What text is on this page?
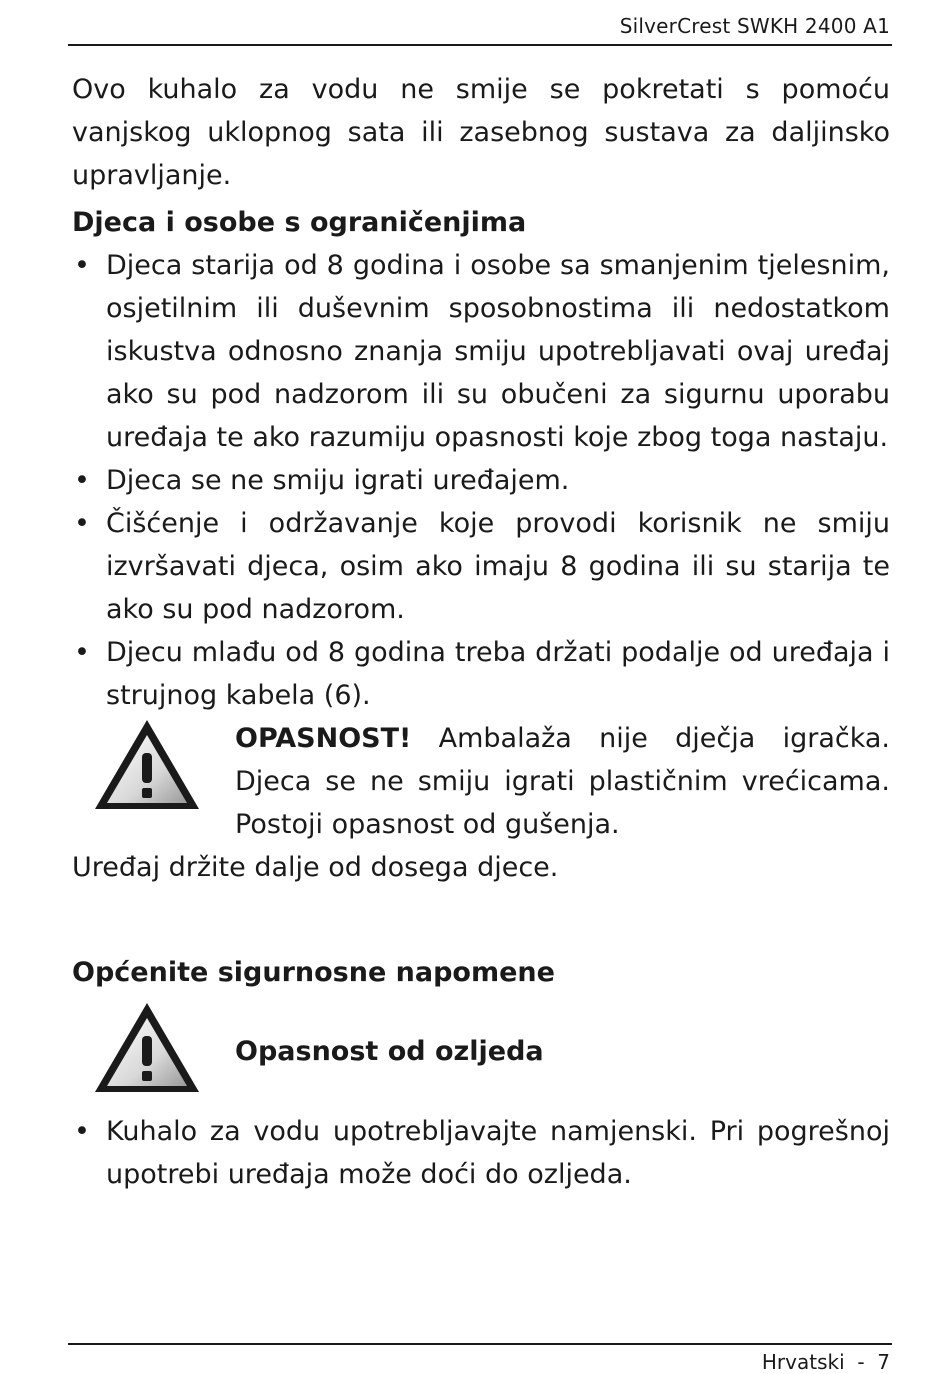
SilverCrest SWKH 2400 A1

Ovo kuhalo za vodu ne smije se pokretati s pomoću vanjskog uklopnog sata ili zasebnog sustava za daljinsko upravljanje.

Djeca i osobe s ograničenjima
• Djeca starija od 8 godina i osobe sa smanjenim tjelesnim, osjetilnim ili duševnim sposobnostima ili nedostatkom iskustva odnosno znanja smiju upotrebljavati ovaj uređaj ako su pod nadzorom ili su obučeni za sigurnu uporabu uređaja te ako razumiju opasnosti koje zbog toga nastaju.
• Djeca se ne smiju igrati uređajem.
• Čišćenje i održavanje koje provodi korisnik ne smiju izvršavati djeca, osim ako imaju 8 godina ili su starija te ako su pod nadzorom.
• Djecu mlađu od 8 godina treba držati podalje od uređaja i strujnog kabela (6).
OPASNOST! Ambalaža nije dječja igračka. Djeca se ne smiju igrati plastičnim vrećicama. Postoji opasnost od gušenja.

Uređaj držite dalje od dosega djece.

Općenite sigurnosne napomene
Opasnost od ozljeda
• Kuhalo za vodu upotrebljavajte namjenski. Pri pogrešnoj upotrebi uređaja može doći do ozljeda.
Hrvatski  -  7
